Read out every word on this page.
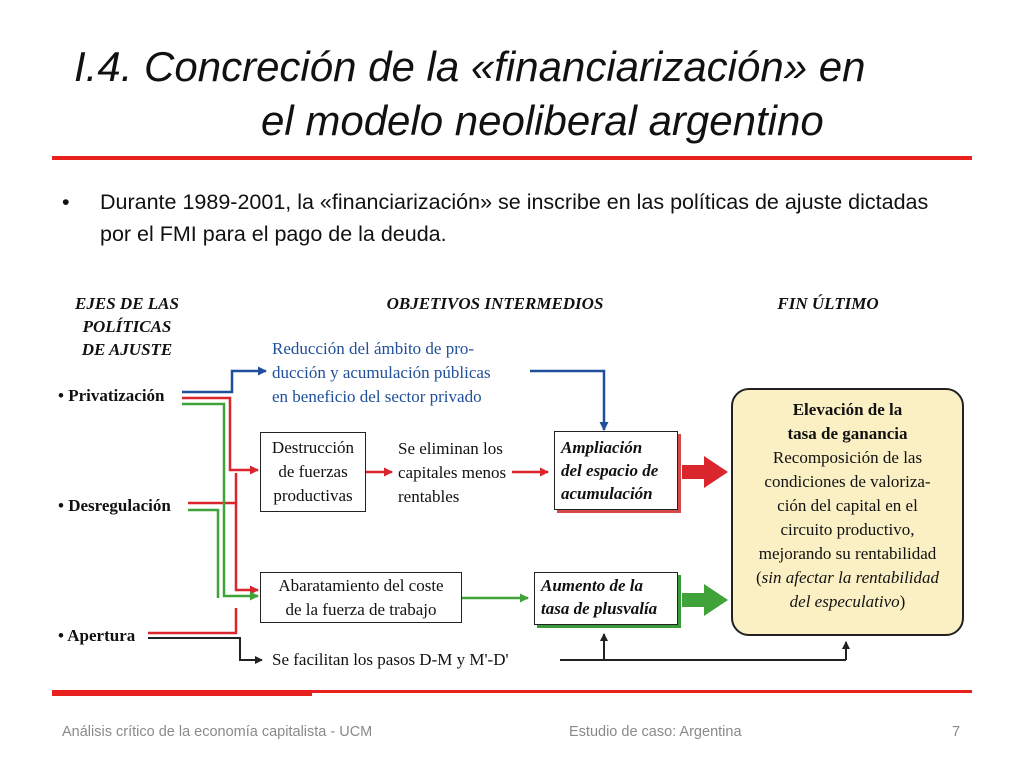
I.4. Concreción de la «financiarización» en
el modelo neoliberal argentino
• Durante 1989-2001, la «financiarización» se inscribe en las políticas de ajuste dictadas por el FMI para el pago de la deuda.
EJES DE LAS
POLÍTICAS
DE AJUSTE
OBJETIVOS INTERMEDIOS	FIN ÚLTIMO
• Privatización
• Desregulación
• Apertura
Reducción del ámbito de pro-
ducción y acumulación públicas
en beneficio del sector privado
Destrucción
de fuerzas
productivas
Se eliminan los
capitales menos
rentables
Ampliación
del espacio de
acumulación
Abaratamiento del coste
de la fuerza de trabajo
Aumento de la
tasa de plusvalía
Se facilitan los pasos D-M y M'-D'
Elevación de la
tasa de ganancia
Recomposición de las
condiciones de valoriza-
ción del capital en el
circuito productivo,
mejorando su rentabilidad
(sin afectar la rentabilidad
del especulativo)
Análisis crítico de la economía capitalista - UCM	Estudio de caso: Argentina	7
